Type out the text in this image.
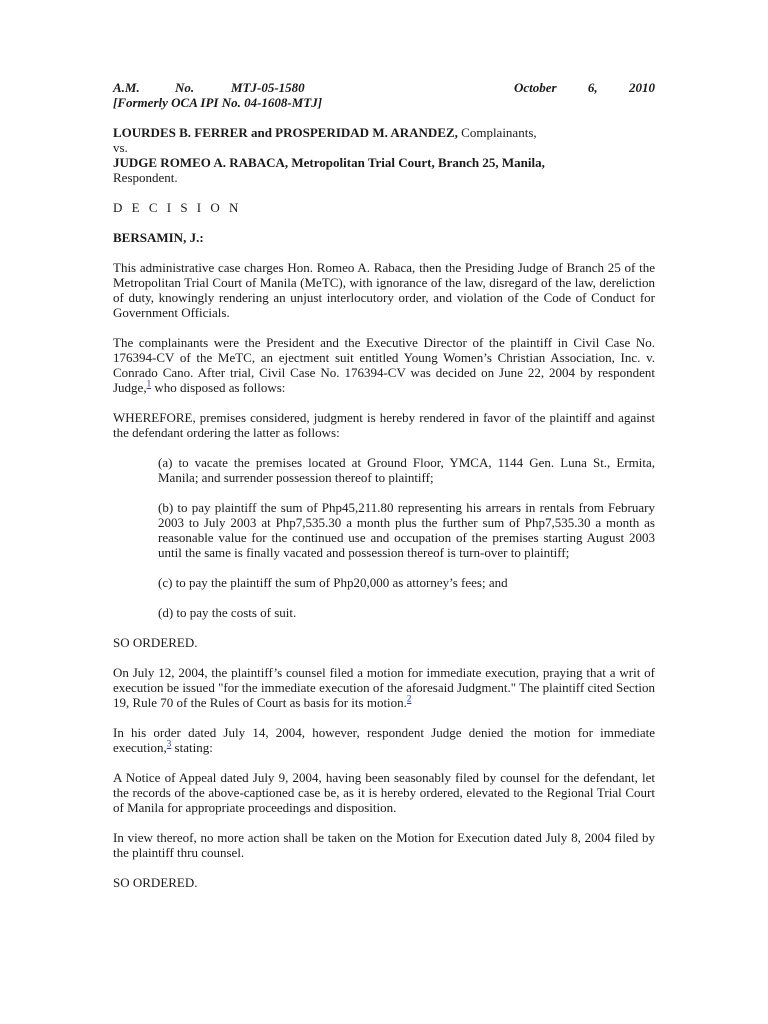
A.M.	No.	MTJ-05-1580	October 6, 2010
[Formerly OCA IPI No. 04-1608-MTJ]
LOURDES B. FERRER and PROSPERIDAD M. ARANDEZ, Complainants,
vs.
JUDGE ROMEO A. RABACA, Metropolitan Trial Court, Branch 25, Manila,
Respondent.
D E C I S I O N
BERSAMIN, J.:

This administrative case charges Hon. Romeo A. Rabaca, then the Presiding Judge of Branch 25 of the Metropolitan Trial Court of Manila (MeTC), with ignorance of the law, disregard of the law, dereliction of duty, knowingly rendering an unjust interlocutory order, and violation of the Code of Conduct for Government Officials.

The complainants were the President and the Executive Director of the plaintiff in Civil Case No. 176394-CV of the MeTC, an ejectment suit entitled Young Women’s Christian Association, Inc. v. Conrado Cano. After trial, Civil Case No. 176394-CV was decided on June 22, 2004 by respondent Judge,$^1$ who disposed as follows:

WHEREFORE, premises considered, judgment is hereby rendered in favor of the plaintiff and against the defendant ordering the latter as follows:

(a) to vacate the premises located at Ground Floor, YMCA, 1144 Gen. Luna St., Ermita, Manila; and surrender possession thereof to plaintiff;

(b) to pay plaintiff the sum of Php45,211.80 representing his arrears in rentals from February 2003 to July 2003 at Php7,535.30 a month plus the further sum of Php7,535.30 a month as reasonable value for the continued use and occupation of the premises starting August 2003 until the same is finally vacated and possession thereof is turn-over to plaintiff;

(c) to pay the plaintiff the sum of Php20,000 as attorney’s fees; and

(d) to pay the costs of suit.

SO ORDERED.

On July 12, 2004, the plaintiff’s counsel filed a motion for immediate execution, praying that a writ of execution be issued "for the immediate execution of the aforesaid Judgment." The plaintiff cited Section 19, Rule 70 of the Rules of Court as basis for its motion.$^2$

In his order dated July 14, 2004, however, respondent Judge denied the motion for immediate execution,$^3$ stating:

A Notice of Appeal dated July 9, 2004, having been seasonably filed by counsel for the defendant, let the records of the above-captioned case be, as it is hereby ordered, elevated to the Regional Trial Court of Manila for appropriate proceedings and disposition.

In view thereof, no more action shall be taken on the Motion for Execution dated July 8, 2004 filed by the plaintiff thru counsel.

SO ORDERED.
